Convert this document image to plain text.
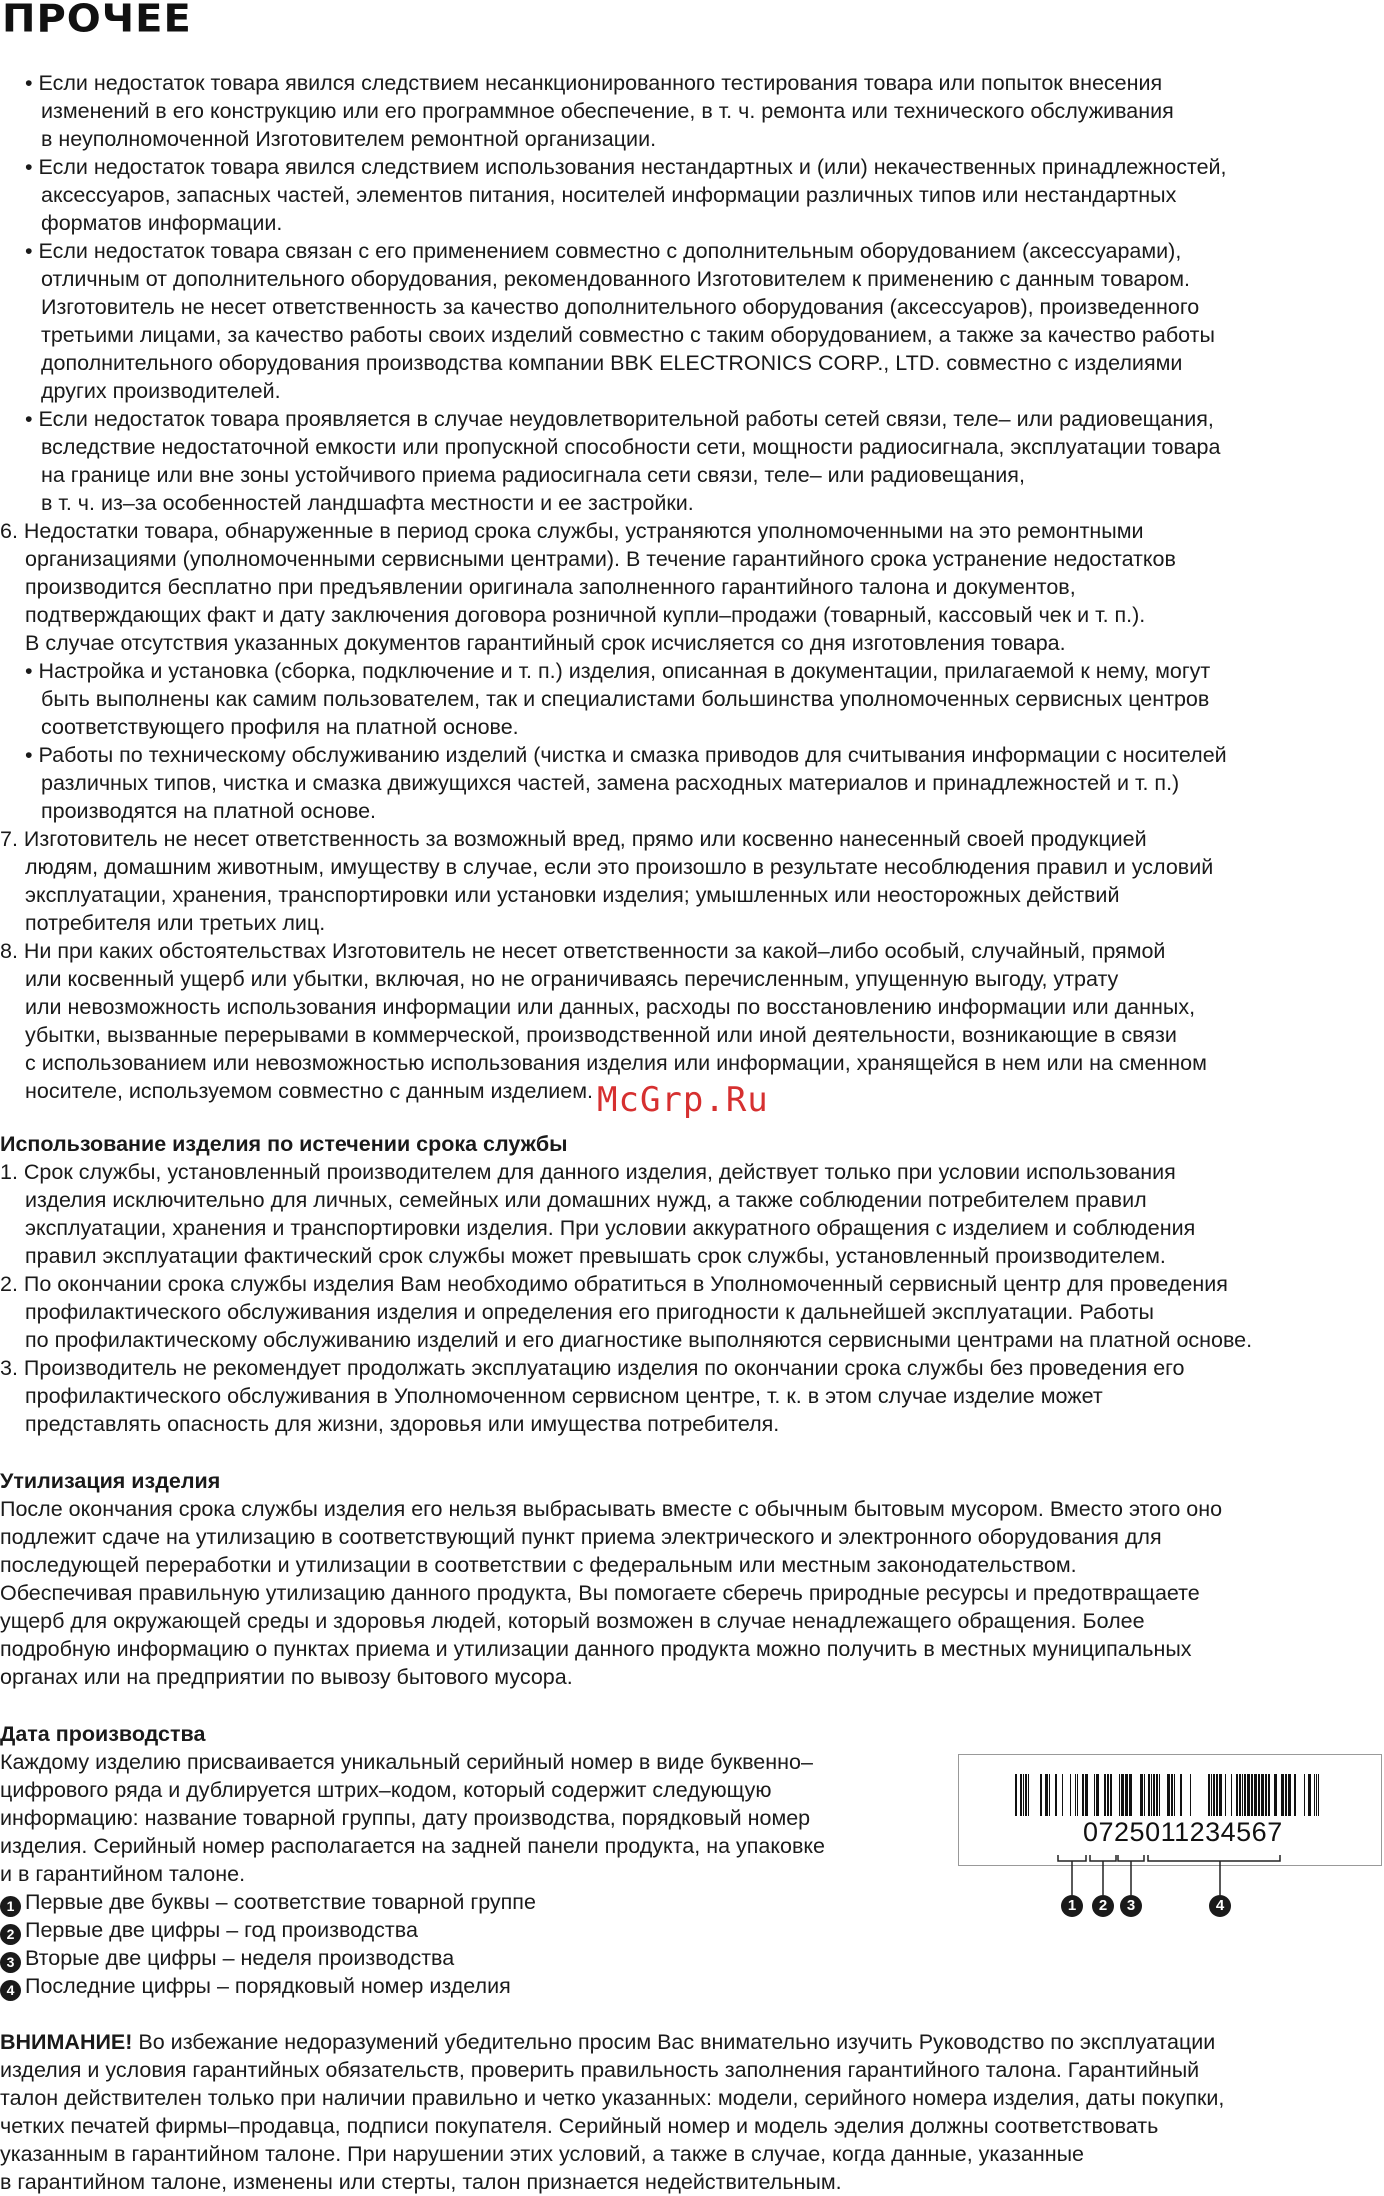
ПРОЧЕЕ
• Если недостаток товара явился следствием несанкционированного тестирования товара или попыток внесения
изменений в его конструкцию или его программное обеспечение, в т. ч. ремонта или технического обслуживания
в неуполномоченной Изготовителем ремонтной организации.
• Если недостаток товара явился следствием использования нестандартных и (или) некачественных принадлежностей,
аксессуаров, запасных частей, элементов питания, носителей информации различных типов или нестандартных
форматов информации.
• Если недостаток товара связан с его применением совместно с дополнительным оборудованием (аксессуарами),
отличным от дополнительного оборудования, рекомендованного Изготовителем к применению с данным товаром.
Изготовитель не несет ответственность за качество дополнительного оборудования (аксессуаров), произведенного
третьими лицами, за качество работы своих изделий совместно с таким оборудованием, а также за качество работы
дополнительного оборудования производства компании BBK ELECTRONICS CORP., LTD. совместно с изделиями
других производителей.
• Если недостаток товара проявляется в случае неудовлетворительной работы сетей связи, теле– или радиовещания,
вследствие недостаточной емкости или пропускной способности сети, мощности радиосигнала, эксплуатации товара
на границе или вне зоны устойчивого приема радиосигнала сети связи, теле– или радиовещания,
в т. ч. из–за особенностей ландшафта местности и ее застройки.
6. Недостатки товара, обнаруженные в период срока службы, устраняются уполномоченными на это ремонтными
организациями (уполномоченными сервисными центрами). В течение гарантийного срока устранение недостатков
производится бесплатно при предъявлении оригинала заполненного гарантийного талона и документов,
подтверждающих факт и дату заключения договора розничной купли–продажи (товарный, кассовый чек и т. п.).
В случае отсутствия указанных документов гарантийный срок исчисляется со дня изготовления товара.
• Настройка и установка (сборка, подключение и т. п.) изделия, описанная в документации, прилагаемой к нему, могут
быть выполнены как самим пользователем, так и специалистами большинства уполномоченных сервисных центров
соответствующего профиля на платной основе.
• Работы по техническому обслуживанию изделий (чистка и смазка приводов для считывания информации с носителей
различных типов, чистка и смазка движущихся частей, замена расходных материалов и принадлежностей и т. п.)
производятся на платной основе.
7. Изготовитель не несет ответственность за возможный вред, прямо или косвенно нанесенный своей продукцией
людям, домашним животным, имуществу в случае, если это произошло в результате несоблюдения правил и условий
эксплуатации, хранения, транспортировки или установки изделия; умышленных или неосторожных действий
потребителя или третьих лиц.
8. Ни при каких обстоятельствах Изготовитель не несет ответственности за какой–либо особый, случайный, прямой
или косвенный ущерб или убытки, включая, но не ограничиваясь перечисленным, упущенную выгоду, утрату
или невозможность использования информации или данных, расходы по восстановлению информации или данных,
убытки, вызванные перерывами в коммерческой, производственной или иной деятельности, возникающие в связи
с использованием или невозможностью использования изделия или информации, хранящейся в нем или на сменном
носителе, используемом совместно с данным изделием. McGrp.Ru
Использование изделия по истечении срока службы
1. Срок службы, установленный производителем для данного изделия, действует только при условии использования
изделия исключительно для личных, семейных или домашних нужд, а также соблюдении потребителем правил
эксплуатации, хранения и транспортировки изделия. При условии аккуратного обращения с изделием и соблюдения
правил эксплуатации фактический срок службы может превышать срок службы, установленный производителем.
2. По окончании срока службы изделия Вам необходимо обратиться в Уполномоченный сервисный центр для проведения
профилактического обслуживания изделия и определения его пригодности к дальнейшей эксплуатации. Работы
по профилактическому обслуживанию изделий и его диагностике выполняются сервисными центрами на платной основе.
3. Производитель не рекомендует продолжать эксплуатацию изделия по окончании срока службы без проведения его
профилактического обслуживания в Уполномоченном сервисном центре, т. к. в этом случае изделие может
представлять опасность для жизни, здоровья или имущества потребителя.
Утилизация изделия
После окончания срока службы изделия его нельзя выбрасывать вместе с обычным бытовым мусором. Вместо этого оно
подлежит сдаче на утилизацию в соответствующий пункт приема электрического и электронного оборудования для
последующей переработки и утилизации в соответствии с федеральным или местным законодательством.
Обеспечивая правильную утилизацию данного продукта, Вы помогаете сберечь природные ресурсы и предотвращаете
ущерб для окружающей среды и здоровья людей, который возможен в случае ненадлежащего обращения. Более
подробную информацию о пунктах приема и утилизации данного продукта можно получить в местных муниципальных
органах или на предприятии по вывозу бытового мусора.
Дата производства
Каждому изделию присваивается уникальный серийный номер в виде буквенно–
цифрового ряда и дублируется штрих–кодом, который содержит следующую
информацию: название товарной группы, дату производства, порядковый номер
изделия. Серийный номер располагается на задней панели продукта, на упаковке
и в гарантийном талоне.
1 Первые две буквы – соответствие товарной группе
2 Первые две цифры – год производства
3 Вторые две цифры – неделя производства
4 Последние цифры – порядковый номер изделия
0725011234567
1	2	3	4
ВНИМАНИЕ! Во избежание недоразумений убедительно просим Вас внимательно изучить Руководство по эксплуатации
изделия и условия гарантийных обязательств, проверить правильность заполнения гарантийного талона. Гарантийный
талон действителен только при наличии правильно и четко указанных: модели, серийного номера изделия, даты покупки,
четких печатей фирмы–продавца, подписи покупателя. Серийный номер и модель эделия должны соответствовать
указанным в гарантийном талоне. При нарушении этих условий, а также в случае, когда данные, указанные
в гарантийном талоне, изменены или стерты, талон признается недействительным.
